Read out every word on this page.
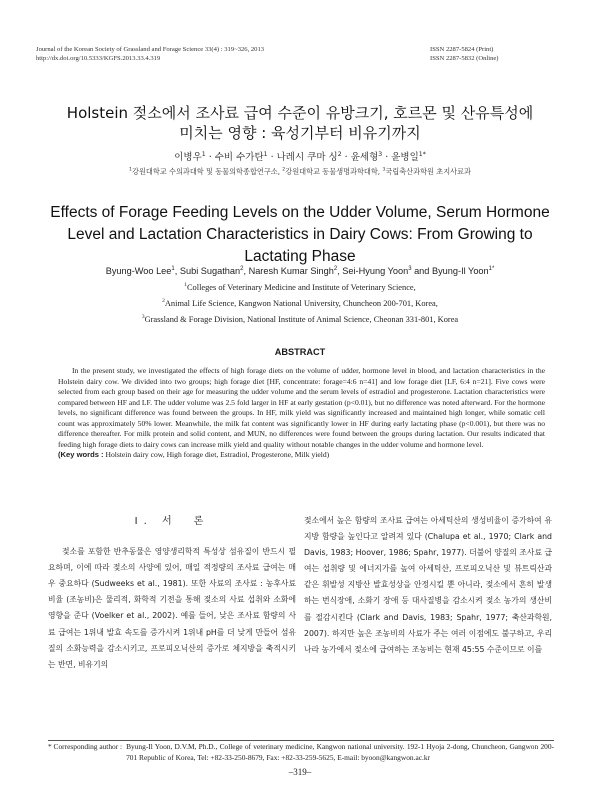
Journal of the Korean Society of Grassland and Forage Science 33(4) : 319~326, 2013
http://dx.doi.org/10.5333/KGFS.2013.33.4.319
ISSN 2287-5824 (Print)
ISSN 2287-5832 (Online)
Holstein 젖소에서 조사료 급여 수준이 유방크기, 호르몬 및 산유특성에
미치는 영향 : 육성기부터 비유기까지
이병우$^1$ · 수비 수가탄$^1$ · 나레시 쿠마 싱$^2$ · 윤세형$^3$ · 윤병일$^{1*}$
$^1$강원대학교 수의과대학 및 동물의학종합연구소, $^2$강원대학교 동물생명과학대학, $^3$국립축산과학원 초지사료과
Effects of Forage Feeding Levels on the Udder Volume, Serum Hormone
Level and Lactation Characteristics in Dairy Cows: From Growing to
Lactating Phase
Byung-Woo Lee$^1$, Subi Sugathan$^2$, Naresh Kumar Singh$^2$, Sei-Hyung Yoon$^3$ and Byung-Il Yoon$^{1*}$
$^1$Colleges of Veterinary Medicine and Institute of Veterinary Science,
$^2$Animal Life Science, Kangwon National University, Chuncheon 200-701, Korea,
$^3$Grassland & Forage Division, National Institute of Animal Science, Cheonan 331-801, Korea
ABSTRACT

In the present study, we investigated the effects of high forage diets on the volume of udder, hormone level in blood, and lactation characteristics in the Holstein dairy cow. We divided into two groups; high forage diet [HF, concentrate: forage=4:6 n=41] and low forage diet [LF, 6:4 n=21]. Five cows were selected from each group based on their age for measuring the udder volume and the serum levels of estradiol and progesterone. Lactation characteristics were compared between HF and LF. The udder volume was 2.5 fold larger in HF at early gestation (p<0.01), but no difference was noted afterward. For the hormone levels, no significant difference was found between the groups. In HF, milk yield was significantly increased and maintained high longer, while somatic cell count was approximately 50% lower. Meanwhile, the milk fat content was significantly lower in HF during early lactating phase (p<0.001), but there was no difference thereafter. For milk protein and solid content, and MUN, no differences were found between the groups during lactation. Our results indicated that feeding high forage diets to dairy cows can increase milk yield and quality without notable changes in the udder volume and hormone level.

(Key words : Holstein dairy cow, High forage diet, Estradiol, Progesterone, Milk yield)
Ⅰ. 서　론

젖소를 포함한 반추동물은 영양생리학적 특성상 섬유질이 반드시 필요하며, 이에 따라 젖소의 사양에 있어, 매일 적정량의 조사료 급여는 매우 중요하다 (Sudweeks et al., 1981). 또한 사료의 조사료 : 농후사료 비율 (조농비)은 물리적, 화학적 기전을 통해 젖소의 사료 섭취와 소화에 영향을 준다 (Voelker et al., 2002). 예를 들어, 낮은 조사료 함량의 사료 급여는 1위내 발효 속도를 증가시켜 1위내 pH를 더 낮게 만들어 섬유질의 소화능력을 감소시키고, 프로피오닉산의 증가로 체지방을 축적시키는 반면, 비유기의

젖소에서 높은 함량의 조사료 급여는 아세틱산의 생성비율이 증가하여 유지방 함량을 높인다고 알려져 있다 (Chalupa et al., 1970; Clark and Davis, 1983; Hoover, 1986; Spahr, 1977). 더불어 양질의 조사료 급여는 섭취량 및 에너지가를 높여 아세틱산, 프로피오닉산 및 뷰트릭산과 같은 휘발성 지방산 발효성상을 안정시킬 뿐 아니라, 젖소에서 흔히 발생하는 번식장애, 소화기 장애 등 대사질병을 감소시켜 젖소 농가의 생산비를 절감시킨다 (Clark and Davis, 1983; Spahr, 1977; 축산과학원, 2007). 하지만 높은 조농비의 사료가 주는 여러 이점에도 불구하고, 우리나라 농가에서 젖소에 급여하는 조농비는 현재 45:55 수준이므로 이를

* Corresponding author : Byung-Il Yoon, D.V.M, Ph.D., College of veterinary medicine, Kangwon national university. 192-1 Hyoja 2-dong, Chuncheon, Gangwon 200-701 Republic of Korea, Tel: +82-33-250-8679, Fax: +82-33-259-5625, E-mail: byoon@kangwon.ac.kr
–319–
